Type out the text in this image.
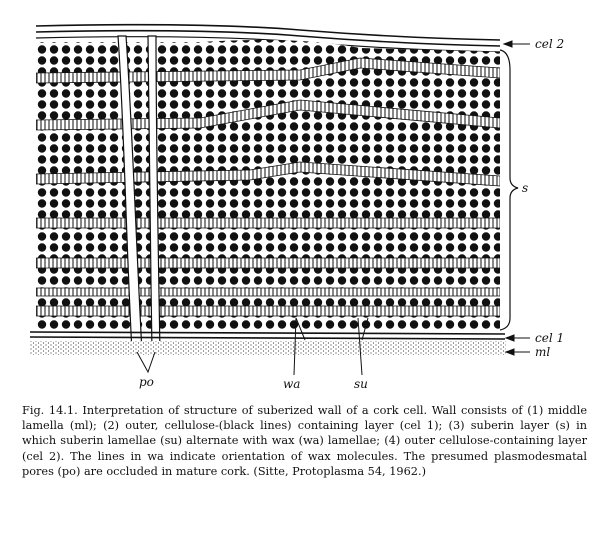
cel 2
s
cel 1
ml
po	wa	su

Fig. 14.1. Interpretation of structure of suberized wall of a cork cell. Wall consists of (1) middle lamella (ml); (2) outer, cellulose-(black lines) containing layer (cel 1); (3) suberin layer (s) in which suberin lamellae (su) alternate with wax (wa) lamellae; (4) outer cellulose-containing layer (cel 2). The lines in wa indicate orientation of wax molecules. The presumed plasmodesmatal pores (po) are occluded in mature cork. (Sitte, Protoplasma 54, 1962.)
